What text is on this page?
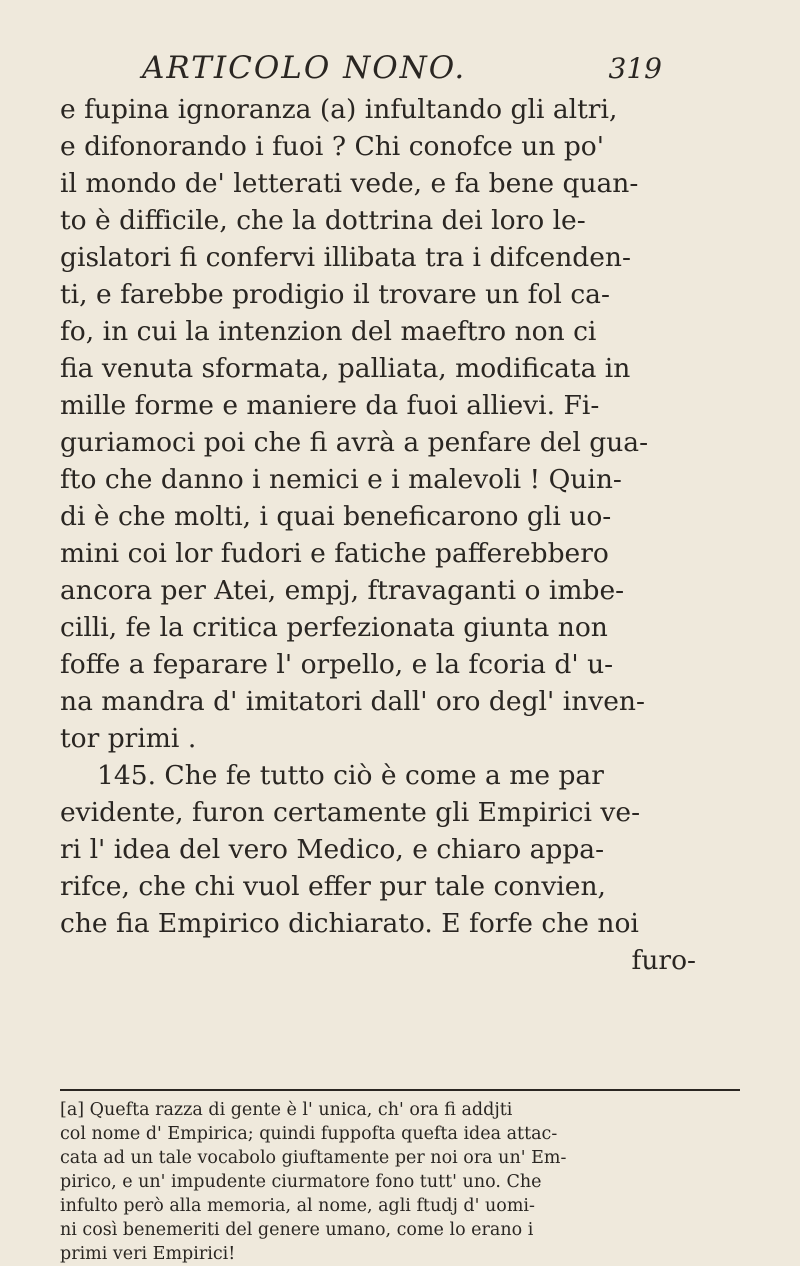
ARTICOLO NONO.	319
e fupina ignoranza (a) infultando gli altri,
e difonorando i fuoi ? Chi conofce un po'
il mondo de' letterati vede, e fa bene quan-
to è difficile, che la dottrina dei loro le-
gislatori fi confervi illibata tra i difcenden-
ti, e farebbe prodigio il trovare un fol ca-
fo, in cui la intenzion del maeftro non ci
fia venuta sformata, palliata, modificata in
mille forme e maniere da fuoi allievi. Fi-
guriamoci poi che fi avrà a penfare del gua-
fto che danno i nemici e i malevoli ! Quin-
di è che molti, i quai beneficarono gli uo-
mini coi lor fudori e fatiche pafferebbero
ancora per Atei, empj, ftravaganti o imbe-
cilli, fe la critica perfezionata giunta non
foffe a feparare l' orpello, e la fcoria d' u-
na mandra d' imitatori dall' oro degl' inven-
tor primi .
145. Che fe tutto ciò è come a me par
evidente, furon certamente gli Empirici ve-
ri l' idea del vero Medico, e chiaro appa-
rifce, che chi vuol effer pur tale convien,
che fia Empirico dichiarato. E forfe che noi
furo-
[a] Quefta razza di gente è l' unica, ch' ora fi addjti
col nome d' Empirica; quindi fuppofta quefta idea attac-
cata ad un tale vocabolo giuftamente per noi ora un' Em-
pirico, e un' impudente ciurmatore fono tutt' uno. Che
infulto però alla memoria, al nome, agli ftudj d' uomi-
ni così benemeriti del genere umano, come lo erano i
primi veri Empirici!
